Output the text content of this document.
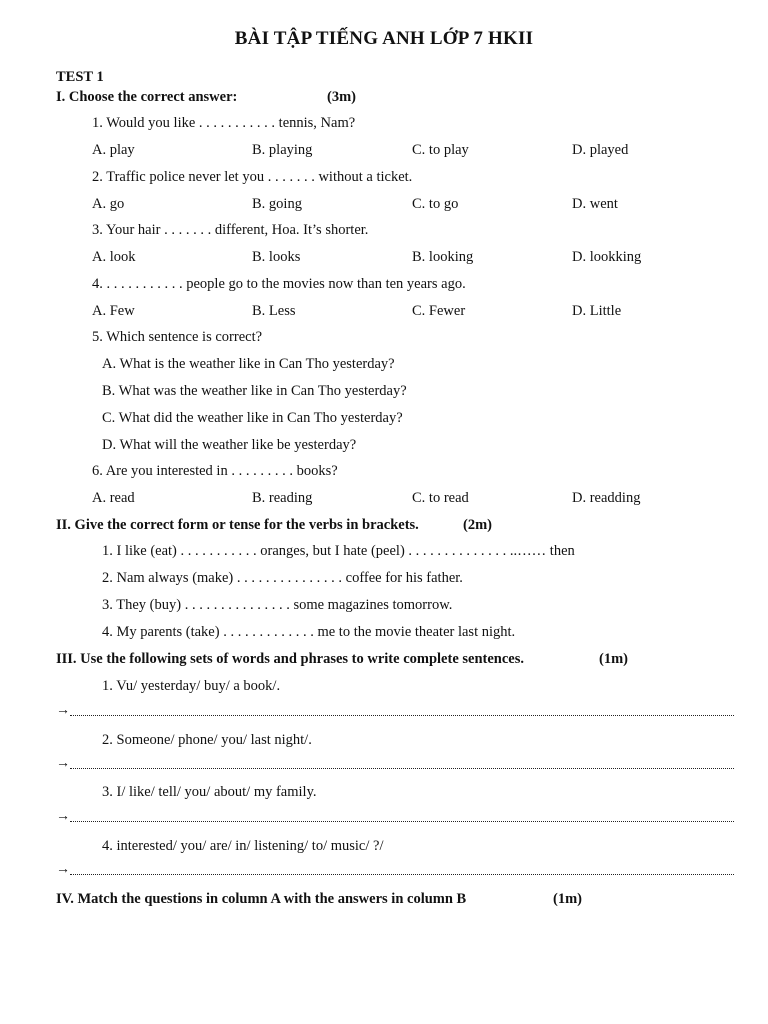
BÀI TẬP TIẾNG ANH LỚP 7 HKII
TEST 1
I. Choose the correct answer:	(3m)
1. Would you like . . . . . . . . . . . tennis, Nam?
A. play	B. playing	C. to play	D. played
2. Traffic police never let you . . . . . . . without a ticket.
A. go	B. going	C. to go	D. went
3. Your hair . . . . . . . different, Hoa. It’s shorter.
A. look	B. looks	B. looking	D. lookking
4. . . . . . . . . . . . people go to the movies now than ten years ago.
A. Few	B. Less	C. Fewer	D. Little
5. Which sentence is correct?
A. What is the weather like in Can Tho yesterday?
B. What was the weather like in Can Tho yesterday?
C. What did the weather like in Can Tho yesterday?
D. What will the weather like be yesterday?
6. Are you interested in . . . . . . . . . books?
A. read	B. reading	C. to read	D. readding
II. Give the correct form or tense for the verbs in brackets.	(2m)
1. I like (eat) . . . . . . . . . . . oranges, but I hate (peel) . . . . . . . . . . . . . . ..…… then
2. Nam always (make) . . . . . . . . . . . . . . . coffee for his father.
3. They (buy) . . . . . . . . . . . . . . . some magazines tomorrow.
4. My parents (take) . . . . . . . . . . . . . me to the movie theater last night.
III. Use the following sets of words and phrases to write complete sentences.	(1m)
1. Vu/ yesterday/ buy/ a book/.
→
2. Someone/ phone/ you/ last night/.
→
3. I/ like/ tell/ you/ about/ my family.
→
4. interested/ you/ are/ in/ listening/ to/ music/ ?/
→
IV. Match the questions in column A with the answers in column B	(1m)
